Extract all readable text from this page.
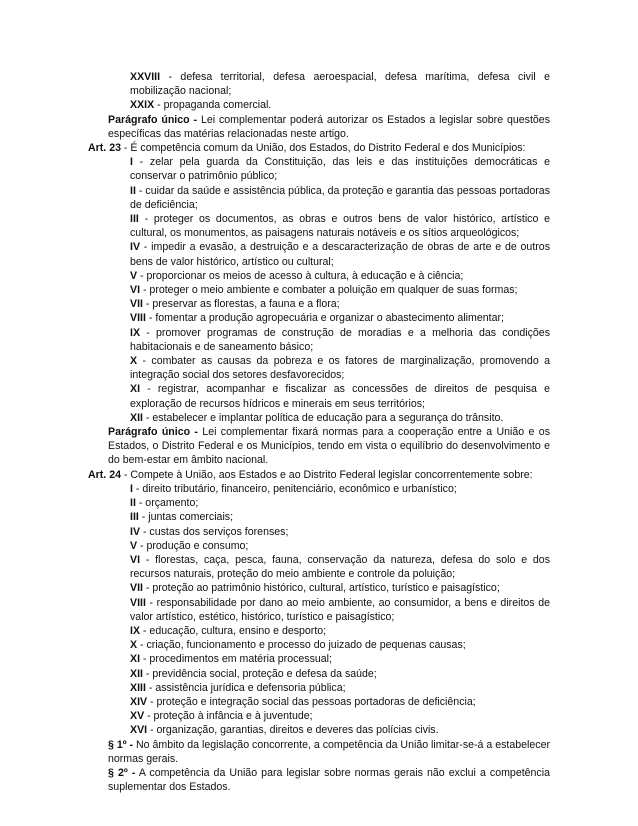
XXVIII - defesa territorial, defesa aeroespacial, defesa marítima, defesa civil e mobilização nacional;

XXIX - propaganda comercial.

Parágrafo único - Lei complementar poderá autorizar os Estados a legislar sobre questões específicas das matérias relacionadas neste artigo.

Art. 23 - É competência comum da União, dos Estados, do Distrito Federal e dos Municípios:

I - zelar pela guarda da Constituição, das leis e das instituições democráticas e conservar o patrimônio público;

II - cuidar da saúde e assistência pública, da proteção e garantia das pessoas portadoras de deficiência;

III - proteger os documentos, as obras e outros bens de valor histórico, artístico e cultural, os monumentos, as paisagens naturais notáveis e os sítios arqueológicos;

IV - impedir a evasão, a destruição e a descaracterização de obras de arte e de outros bens de valor histórico, artístico ou cultural;

V - proporcionar os meios de acesso à cultura, à educação e à ciência;

VI - proteger o meio ambiente e combater a poluição em qualquer de suas formas;

VII - preservar as florestas, a fauna e a flora;

VIII - fomentar a produção agropecuária e organizar o abastecimento alimentar;

IX - promover programas de construção de moradias e a melhoria das condições habitacionais e de saneamento básico;

X - combater as causas da pobreza e os fatores de marginalização, promovendo a integração social dos setores desfavorecidos;

XI - registrar, acompanhar e fiscalizar as concessões de direitos de pesquisa e exploração de recursos hídricos e minerais em seus territórios;

XII - estabelecer e implantar política de educação para a segurança do trânsito.

Parágrafo único - Lei complementar fixará normas para a cooperação entre a União e os Estados, o Distrito Federal e os Municípios, tendo em vista o equilíbrio do desenvolvimento e do bem-estar em âmbito nacional.

Art. 24 - Compete à União, aos Estados e ao Distrito Federal legislar concorrentemente sobre:

I - direito tributário, financeiro, penitenciário, econômico e urbanístico;

II - orçamento;

III - juntas comerciais;

IV - custas dos serviços forenses;

V - produção e consumo;

VI - florestas, caça, pesca, fauna, conservação da natureza, defesa do solo e dos recursos naturais, proteção do meio ambiente e controle da poluição;

VII - proteção ao patrimônio histórico, cultural, artístico, turístico e paisagístico;

VIII - responsabilidade por dano ao meio ambiente, ao consumidor, a bens e direitos de valor artístico, estético, histórico, turístico e paisagístico;

IX - educação, cultura, ensino e desporto;

X - criação, funcionamento e processo do juizado de pequenas causas;

XI - procedimentos em matéria processual;

XII - previdência social, proteção e defesa da saúde;

XIII - assistência jurídica e defensoria pública;

XIV - proteção e integração social das pessoas portadoras de deficiência;

XV - proteção à infância e à juventude;

XVI - organização, garantias, direitos e deveres das polícias civis.

§ 1º - No âmbito da legislação concorrente, a competência da União limitar-se-á a estabelecer normas gerais.

§ 2º - A competência da União para legislar sobre normas gerais não exclui a competência suplementar dos Estados.
